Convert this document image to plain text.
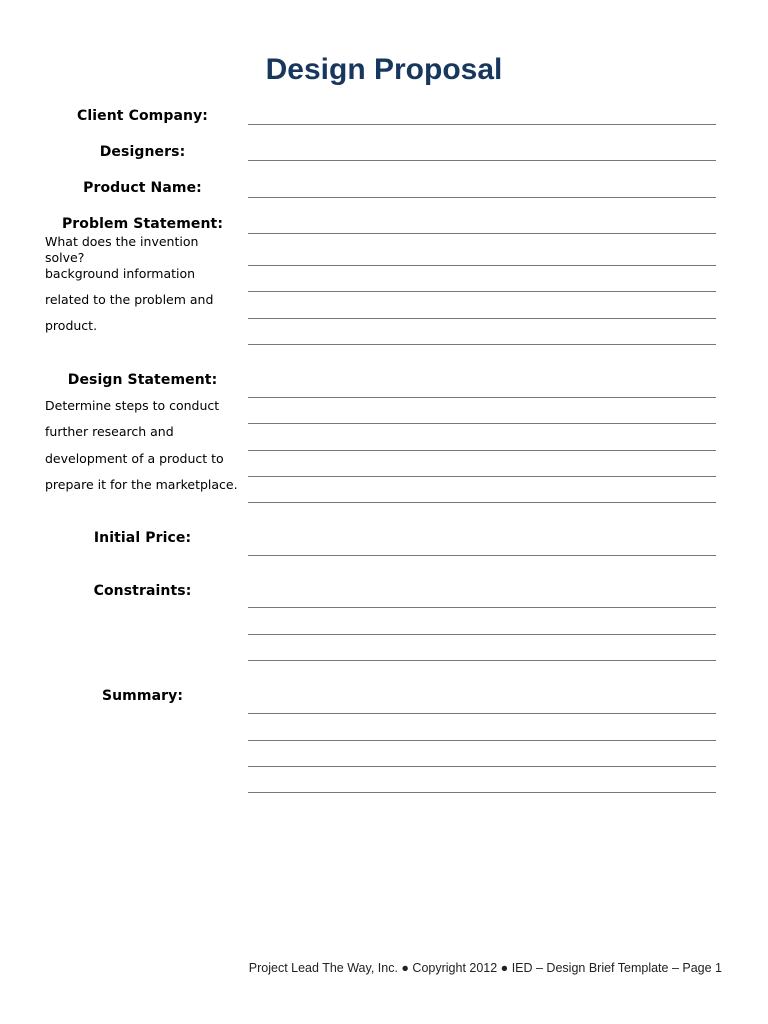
Design Proposal
Client Company:
Designers:
Product Name:
Problem Statement:
What does the invention
solve?
background information
related to the problem and
product.
Design Statement:
Determine steps to conduct
further research and
development of a product to
prepare it for the marketplace.
Initial Price:
Constraints:
Summary:
Project Lead The Way, Inc. ● Copyright 2012 ● IED – Design Brief Template – Page 1
